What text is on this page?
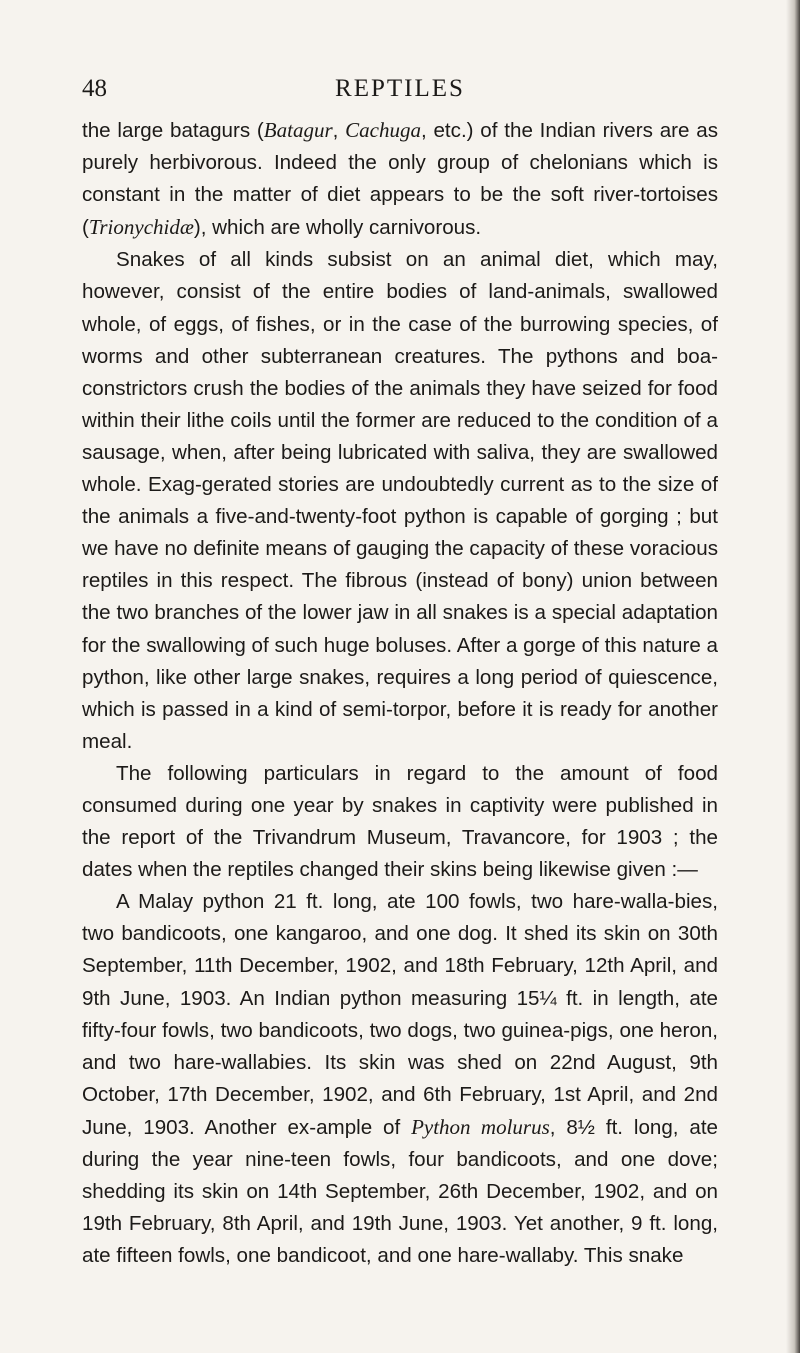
48	REPTILES

the large batagurs (Batagur, Cachuga, etc.) of the Indian rivers are as purely herbivorous. Indeed the only group of chelonians which is constant in the matter of diet appears to be the soft river-tortoises (Trionychidæ), which are wholly carnivorous.

Snakes of all kinds subsist on an animal diet, which may, however, consist of the entire bodies of land-animals, swallowed whole, of eggs, of fishes, or in the case of the burrowing species, of worms and other subterranean creatures. The pythons and boa-constrictors crush the bodies of the animals they have seized for food within their lithe coils until the former are reduced to the condition of a sausage, when, after being lubricated with saliva, they are swallowed whole. Exag-gerated stories are undoubtedly current as to the size of the animals a five-and-twenty-foot python is capable of gorging ; but we have no definite means of gauging the capacity of these voracious reptiles in this respect. The fibrous (instead of bony) union between the two branches of the lower jaw in all snakes is a special adaptation for the swallowing of such huge boluses. After a gorge of this nature a python, like other large snakes, requires a long period of quiescence, which is passed in a kind of semi-torpor, before it is ready for another meal.

The following particulars in regard to the amount of food consumed during one year by snakes in captivity were published in the report of the Trivandrum Museum, Travancore, for 1903 ; the dates when the reptiles changed their skins being likewise given :—

A Malay python 21 ft. long, ate 100 fowls, two hare-walla-bies, two bandicoots, one kangaroo, and one dog. It shed its skin on 30th September, 11th December, 1902, and 18th February, 12th April, and 9th June, 1903. An Indian python measuring 15¼ ft. in length, ate fifty-four fowls, two bandicoots, two dogs, two guinea-pigs, one heron, and two hare-wallabies. Its skin was shed on 22nd August, 9th October, 17th December, 1902, and 6th February, 1st April, and 2nd June, 1903. Another ex-ample of Python molurus, 8½ ft. long, ate during the year nine-teen fowls, four bandicoots, and one dove; shedding its skin on 14th September, 26th December, 1902, and on 19th February, 8th April, and 19th June, 1903. Yet another, 9 ft. long, ate fifteen fowls, one bandicoot, and one hare-wallaby. This snake
